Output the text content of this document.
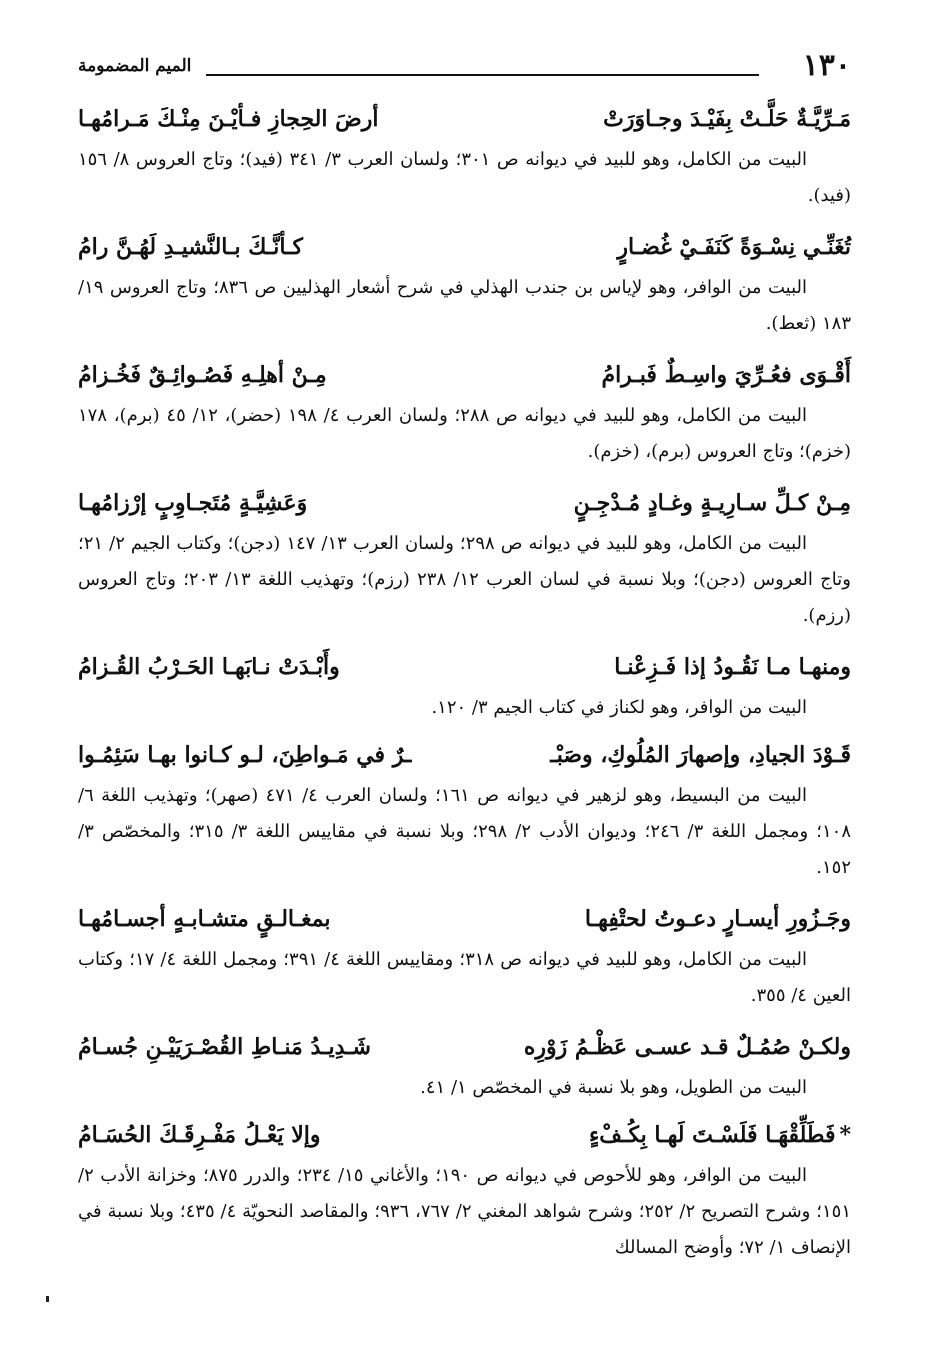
١٣٠
الميم المضمومة
مَـرِّيَّـةٌ حَلَّـتْ بِفَيْـدَ وجـاوَرَتْ
أرضَ الحِجازِ فـأيْـنَ مِنْـكَ مَـرامُهـا

البيت من الكامل، وهو للبيد في ديوانه ص ٣٠١؛ ولسان العرب ٣/ ٣٤١ (فيد)؛ وتاج العروس ٨/ ١٥٦ (فيد).

تُغَنِّـي نِسْـوَةً كَنَفَـيْ غُضـارٍ
كـأنَّـكَ بـالنَّشيـدِ لَهُـنَّ رامُ

البيت من الوافر، وهو لإياس بن جندب الهذلي في شرح أشعار الهذليين ص ٨٣٦؛ وتاج العروس ١٩/ ١٨٣ (ثعط).

أَقْـوَى فعُـرِّيَ واسِـطٌ فَبـرامُ
مِـنْ أهلِـهِ فَصُـوائِـقٌ فَخُـزامُ

البيت من الكامل، وهو للبيد في ديوانه ص ٢٨٨؛ ولسان العرب ٤/ ١٩٨ (حضر)، ١٢/ ٤٥ (برم)، ١٧٨ (خزم)؛ وتاج العروس (برم)، (خزم).

مِـنْ كـلِّ سـارِيـةٍ وغـادٍ مُـدْجِـنٍ
وَعَشِيَّـةٍ مُتَجـاوِبٍ إرْزامُهـا

البيت من الكامل، وهو للبيد في ديوانه ص ٢٩٨؛ ولسان العرب ١٣/ ١٤٧ (دجن)؛ وكتاب الجيم ٢/ ٢١؛ وتاج العروس (دجن)؛ وبلا نسبة في لسان العرب ١٢/ ٢٣٨ (رزم)؛ وتهذيب اللغة ١٣/ ٢٠٣؛ وتاج العروس (رزم).

ومنهـا مـا نَقُـودُ إذا فَـزِعْنـا
وأَبْـدَتْ نـابَهـا الحَـرْبُ القُـزامُ

البيت من الوافر، وهو لكناز في كتاب الجيم ٣/ ١٢٠.

قَـوْدَ الجيادِ، وإصهارَ المُلُوكِ، وصَبْـ
ـرٌ في مَـواطِنَ، لـو كـانوا بهـا سَئِمُـوا

البيت من البسيط، وهو لزهير في ديوانه ص ١٦١؛ ولسان العرب ٤/ ٤٧١ (صهر)؛ وتهذيب اللغة ٦/ ١٠٨؛ ومجمل اللغة ٣/ ٢٤٦؛ وديوان الأدب ٢/ ٢٩٨؛ وبلا نسبة في مقاييس اللغة ٣/ ٣١٥؛ والمخصّص ٣/ ١٥٢.

وجَـزُورِ أيسـارٍ دعـوتُ لحتْفِهـا
بمغـالـقٍ متشـابـهٍ أجسـامُهـا

البيت من الكامل، وهو للبيد في ديوانه ص ٣١٨؛ ومقاييس اللغة ٤/ ٣٩١؛ ومجمل اللغة ٤/ ١٧؛ وكتاب العين ٤/ ٣٥٥.

ولكـنْ صُمُـلٌ قـد عسـى عَظْـمُ زَوْرِه
شَـدِيـدُ مَنـاطِ القُصْـرَيَيْـنِ جُسـامُ

البيت من الطويل، وهو بلا نسبة في المخصّص ١/ ٤١.

*فَطَلِّقْهَـا فَلَسْـتَ لَهـا بِكُـفْءٍ
وإلا يَعْـلُ مَفْـرِقَـكَ الحُسَـامُ

البيت من الوافر، وهو للأحوص في ديوانه ص ١٩٠؛ والأغاني ١٥/ ٢٣٤؛ والدرر ٨٧٥؛ وخزانة الأدب ٢/ ١٥١؛ وشرح التصريح ٢/ ٢٥٢؛ وشرح شواهد المغني ٢/ ٧٦٧، ٩٣٦؛ والمقاصد النحويّة ٤/ ٤٣٥؛ وبلا نسبة في الإنصاف ١/ ٧٢؛ وأوضح المسالك
